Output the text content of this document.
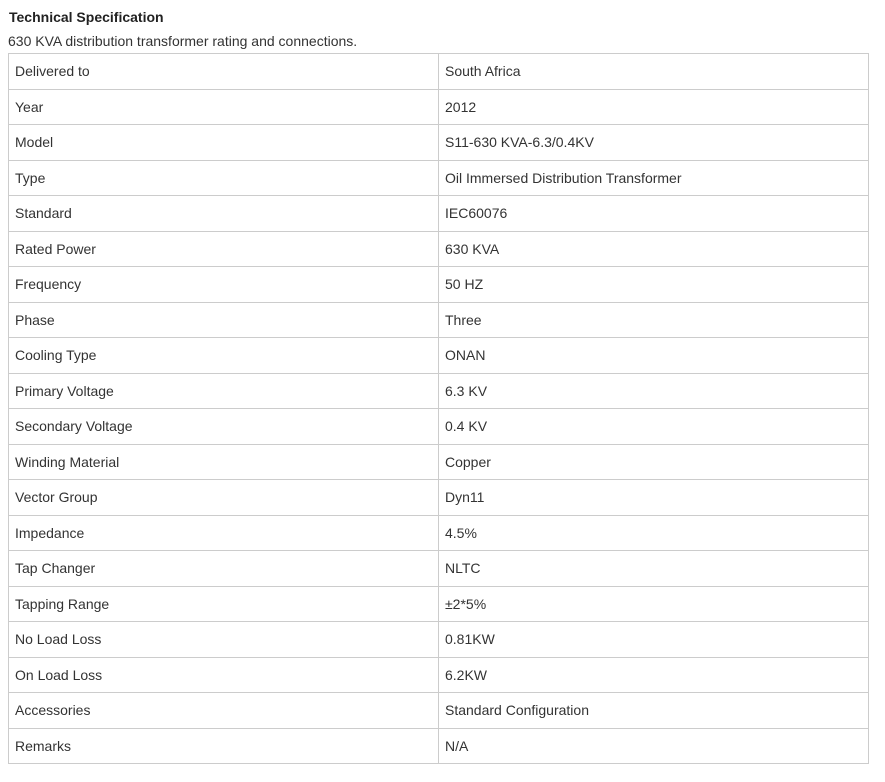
Technical Specification
630 KVA distribution transformer rating and connections.
Delivered to	South Africa
Year	2012
Model	S11-630 KVA-6.3/0.4KV
Type	Oil Immersed Distribution Transformer
Standard	IEC60076
Rated Power	630 KVA
Frequency	50 HZ
Phase	Three
Cooling Type	ONAN
Primary Voltage	6.3 KV
Secondary Voltage	0.4 KV
Winding Material	Copper
Vector Group	Dyn11
Impedance	4.5%
Tap Changer	NLTC
Tapping Range	±2*5%
No Load Loss	0.81KW
On Load Loss	6.2KW
Accessories	Standard Configuration
Remarks	N/A
